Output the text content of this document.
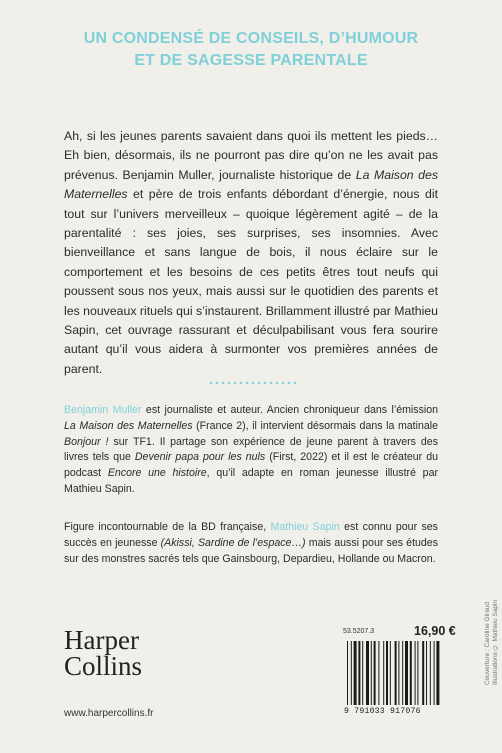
UN CONDENSÉ DE CONSEILS, D’HUMOUR
ET DE SAGESSE PARENTALE
Ah, si les jeunes parents savaient dans quoi ils mettent les pieds… Eh bien, désormais, ils ne pourront pas dire qu’on ne les avait pas prévenus. Benjamin Muller, journaliste historique de La Maison des Maternelles et père de trois enfants débordant d’énergie, nous dit tout sur l’univers merveilleux – quoique légèrement agité – de la parentalité : ses joies, ses surprises, ses insomnies. Avec bienveillance et sans langue de bois, il nous éclaire sur le comportement et les besoins de ces petits êtres tout neufs qui poussent sous nos yeux, mais aussi sur le quotidien des parents et les nouveaux rituels qui s’instaurent. Brillamment illustré par Mathieu Sapin, cet ouvrage rassurant et déculpabilisant vous fera sourire autant qu’il vous aidera à surmonter vos premières années de parent.
Benjamin Muller est journaliste et auteur. Ancien chroniqueur dans l’émission La Maison des Maternelles (France 2), il intervient désormais dans la matinale Bonjour ! sur TF1. Il partage son expérience de jeune parent à travers des livres tels que Devenir papa pour les nuls (First, 2022) et il est le créateur du podcast Encore une histoire, qu’il adapte en roman jeunesse illustré par Mathieu Sapin.
Figure incontournable de la BD française, Mathieu Sapin est connu pour ses succès en jeunesse (Akissi, Sardine de l’espace…) mais aussi pour ses études sur des monstres sacrés tels que Gainsbourg, Depardieu, Hollande ou Macron.
Harper
Collins
www.harpercollins.fr
53.5207.3	16,90 €
9 791033 917076
Couverture : Caroline Giraud Illustrations © Mathieu Sapin
